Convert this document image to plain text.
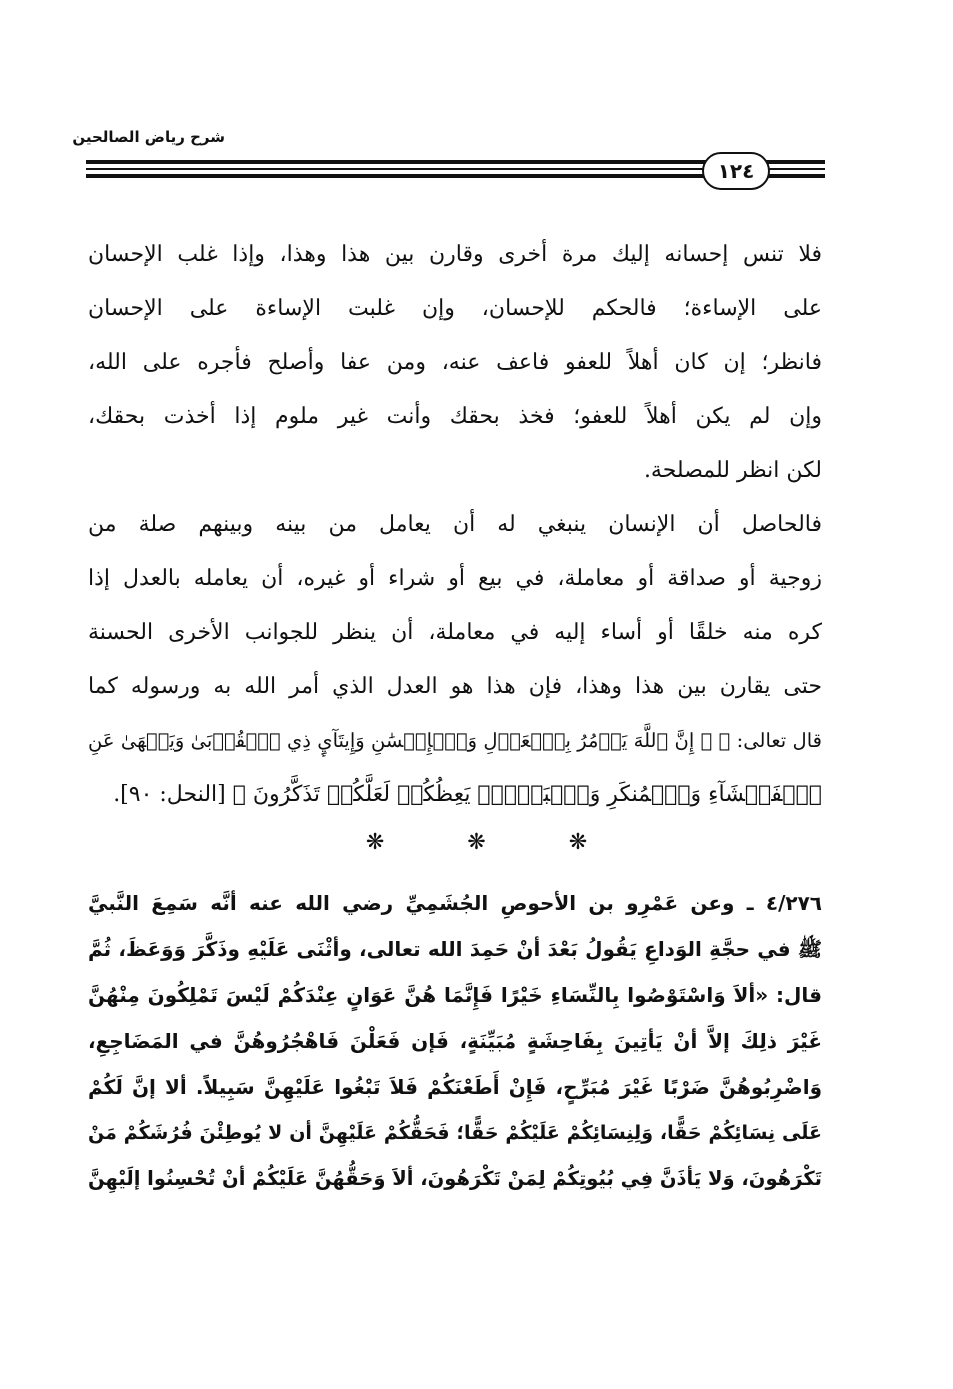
شرح رياض الصالحين
١٢٤
فلا تنس إحسانه إليك مرة أخرى وقارن بين هذا وهذا، وإذا غلب الإحسان
على الإساءة؛ فالحكم للإحسان، وإن غلبت الإساءة على الإحسان
فانظر؛ إن كان أهلاً للعفو فاعف عنه، ومن عفا وأصلح فأجره على الله،
وإن لم يكن أهلاً للعفو؛ فخذ بحقك وأنت غير ملوم إذا أخذت بحقك،
لكن انظر للمصلحة.
فالحاصل أن الإنسان ينبغي له أن يعامل من بينه وبينهم صلة من
زوجية أو صداقة أو معاملة، في بيع أو شراء أو غيره، أن يعامله بالعدل إذا
كره منه خلقًا أو أساء إليه في معاملة، أن ينظر للجوانب الأخرى الحسنة
حتى يقارن بين هذا وهذا، فإن هذا هو العدل الذي أمر الله به ورسوله كما
قال تعالى: ﴿ ۞ إِنَّ ٱللَّهَ يَأۡمُرُ بِٱلۡعَدۡلِ وَٱلۡإِحۡسَٰنِ وَإِيتَآيِٕ ذِي ٱلۡقُرۡبَىٰ وَيَنۡهَىٰ عَنِ
ٱلۡفَحۡشَآءِ وَٱلۡمُنكَرِ وَٱلۡبَغۡيِۚ يَعِظُكُمۡ لَعَلَّكُمۡ تَذَكَّرُونَ ﴾ [النحل: ٩٠].
❋	❋	❋
٤/٢٧٦ ـ وعن عَمْرِو بن الأحوصِ الجُشَمِيِّ رضي الله عنه أنَّه سَمِعَ النَّبيَّ
ﷺ في حجَّةِ الوَداعِ يَقُولُ بَعْدَ أنْ حَمِدَ الله تعالى، وأثْنَى عَلَيْهِ وذَكَّرَ وَوَعَظَ، ثُمَّ
قال: «ألاَ وَاسْتَوْصُوا بِالنِّسَاءِ خَيْرًا فَإِنَّمَا هُنَّ عَوَانٍ عِنْدَكُمْ لَيْسَ تَمْلِكُونَ مِنْهُنَّ
غَيْرَ ذلِكَ إلاَّ أنْ يَأتِينَ بِفَاحِشَةٍ مُبَيِّنَةٍ، فَإن فَعَلْنَ فَاهْجُرُوهُنَّ في المَضَاجِعِ،
وَاضْرِبُوهُنَّ ضَرْبًا غَيْرَ مُبَرِّحٍ، فَإِنْ أَطَعْنَكُمْ فَلاَ تَبْغُوا عَلَيْهِنَّ سَبِيلاً. ألا إنَّ لَكُمْ
عَلَى نِسَائِكُمْ حَقًّا، وَلِنِسَائِكُمْ عَلَيْكُمْ حَقًّا؛ فَحَقُّكُمْ عَلَيْهِنَّ أن لا يُوطِئْنَ فُرُشَكُمْ مَنْ
تَكْرَهُونَ، وَلا يَأذَنَّ فِي بُيُوتِكُمْ لِمَنْ تَكْرَهُونَ، ألاَ وَحَقُّهُنَّ عَلَيْكُمْ أنْ تُحْسِنُوا إلَيْهِنَّ
